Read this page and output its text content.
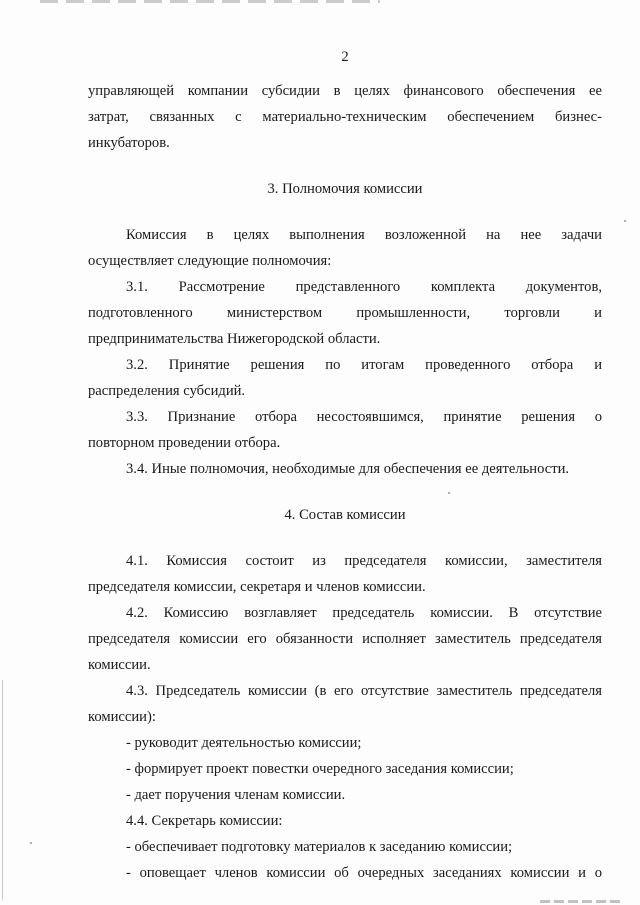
2

управляющей компании субсидии в целях финансового обеспечения ее

затрат, связанных с материально-техническим обеспечением бизнес-

инкубаторов.

3. Полномочия комиссии

Комиссия в целях выполнения возложенной на нее задачи

осуществляет следующие полномочия:

3.1. Рассмотрение представленного комплекта документов,

подготовленного министерством промышленности, торговли и

предпринимательства Нижегородской области.

3.2. Принятие решения по итогам проведенного отбора и

распределения субсидий.

3.3. Признание отбора несостоявшимся, принятие решения о

повторном проведении отбора.

3.4. Иные полномочия, необходимые для обеспечения ее деятельности.

4. Состав комиссии

4.1. Комиссия состоит из председателя комиссии, заместителя

председателя комиссии, секретаря и членов комиссии.

4.2. Комиссию возглавляет председатель комиссии. В отсутствие

председателя комиссии его обязанности исполняет заместитель председателя

комиссии.

4.3. Председатель комиссии (в его отсутствие заместитель председателя

комиссии):

- руководит деятельностью комиссии;

- формирует проект повестки очередного заседания комиссии;

- дает поручения членам комиссии.

4.4. Секретарь комиссии:

- обеспечивает подготовку материалов к заседанию комиссии;

- оповещает членов комиссии об очередных заседаниях комиссии и о
